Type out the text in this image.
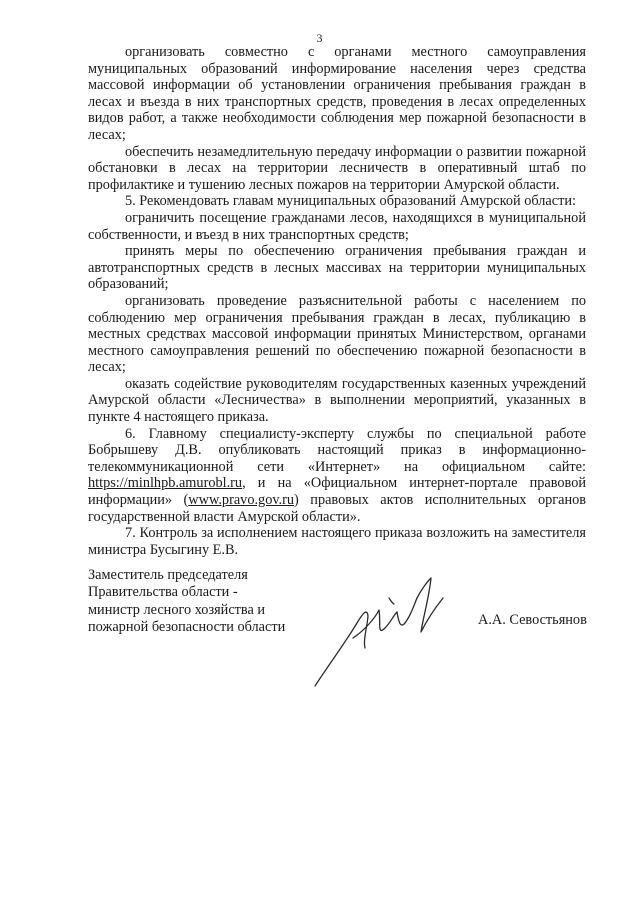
3

организовать совместно с органами местного самоуправления муниципальных образований информирование населения через средства массовой информации об установлении ограничения пребывания граждан в лесах и въезда в них транспортных средств, проведения в лесах определенных видов работ, а также необходимости соблюдения мер пожарной безопасности в лесах;

обеспечить незамедлительную передачу информации о развитии пожарной обстановки в лесах на территории лесничеств в оперативный штаб по профилактике и тушению лесных пожаров на территории Амурской области.

5. Рекомендовать главам муниципальных образований Амурской области:

ограничить посещение гражданами лесов, находящихся в муниципальной собственности, и въезд в них транспортных средств;

принять меры по обеспечению ограничения пребывания граждан и автотранспортных средств в лесных массивах на территории муниципальных образований;

организовать проведение разъяснительной работы с населением по соблюдению мер ограничения пребывания граждан в лесах, публикацию в местных средствах массовой информации принятых Министерством, органами местного самоуправления решений по обеспечению пожарной безопасности в лесах;

оказать содействие руководителям государственных казенных учреждений Амурской области «Лесничества» в выполнении мероприятий, указанных в пункте 4 настоящего приказа.

6. Главному специалисту-эксперту службы по специальной работе Бобрышеву Д.В. опубликовать настоящий приказ в информационно-телекоммуникационной сети «Интернет» на официальном сайте: https://minlhpb.amurobl.ru, и на «Официальном интернет-портале правовой информации» (www.pravo.gov.ru) правовых актов исполнительных органов государственной власти Амурской области».

7. Контроль за исполнением настоящего приказа возложить на заместителя министра Бусыгину Е.В.

Заместитель председателя
Правительства области -
министр лесного хозяйства и
пожарной безопасности области	А.А. Севостьянов
